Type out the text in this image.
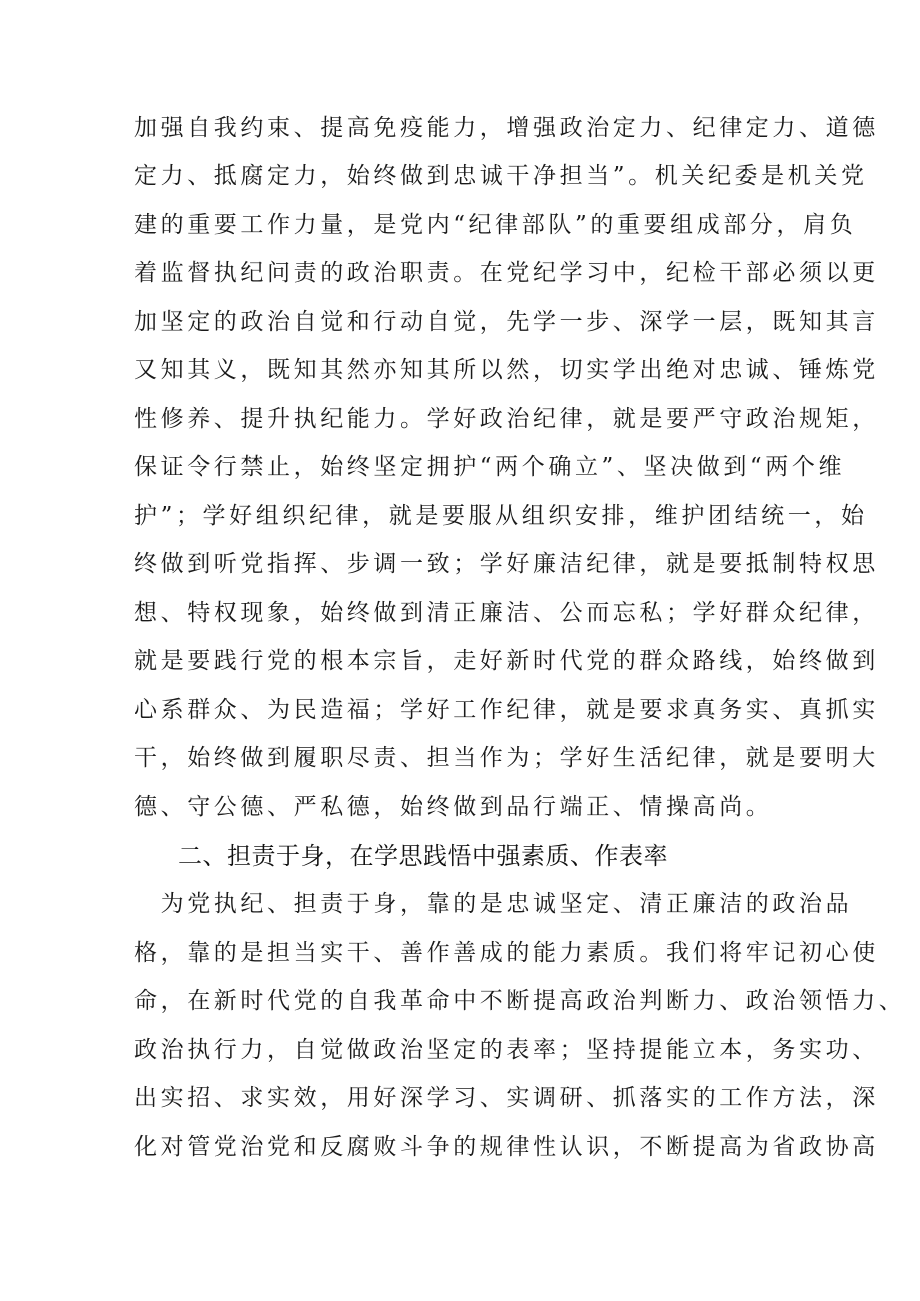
加强自我约束、提高免疫能力，增强政治定力、纪律定力、道德
定力、抵腐定力，始终做到忠诚干净担当”。机关纪委是机关党
建的重要工作力量，是党内“纪律部队”的重要组成部分，肩负
着监督执纪问责的政治职责。在党纪学习中，纪检干部必须以更
加坚定的政治自觉和行动自觉，先学一步、深学一层，既知其言
又知其义，既知其然亦知其所以然，切实学出绝对忠诚、锤炼党
性修养、提升执纪能力。学好政治纪律，就是要严守政治规矩，
保证令行禁止，始终坚定拥护“两个确立”、坚决做到“两个维
护”；学好组织纪律，就是要服从组织安排，维护团结统一，始
终做到听党指挥、步调一致；学好廉洁纪律，就是要抵制特权思
想、特权现象，始终做到清正廉洁、公而忘私；学好群众纪律，
就是要践行党的根本宗旨，走好新时代党的群众路线，始终做到
心系群众、为民造福；学好工作纪律，就是要求真务实、真抓实
干，始终做到履职尽责、担当作为；学好生活纪律，就是要明大
德、守公德、严私德，始终做到品行端正、情操高尚。
二、担责于身，在学思践悟中强素质、作表率
　为党执纪、担责于身，靠的是忠诚坚定、清正廉洁的政治品
格，靠的是担当实干、善作善成的能力素质。我们将牢记初心使
命，在新时代党的自我革命中不断提高政治判断力、政治领悟力、
政治执行力，自觉做政治坚定的表率；坚持提能立本，务实功、
出实招、求实效，用好深学习、实调研、抓落实的工作方法，深
化对管党治党和反腐败斗争的规律性认识，不断提高为省政协高
